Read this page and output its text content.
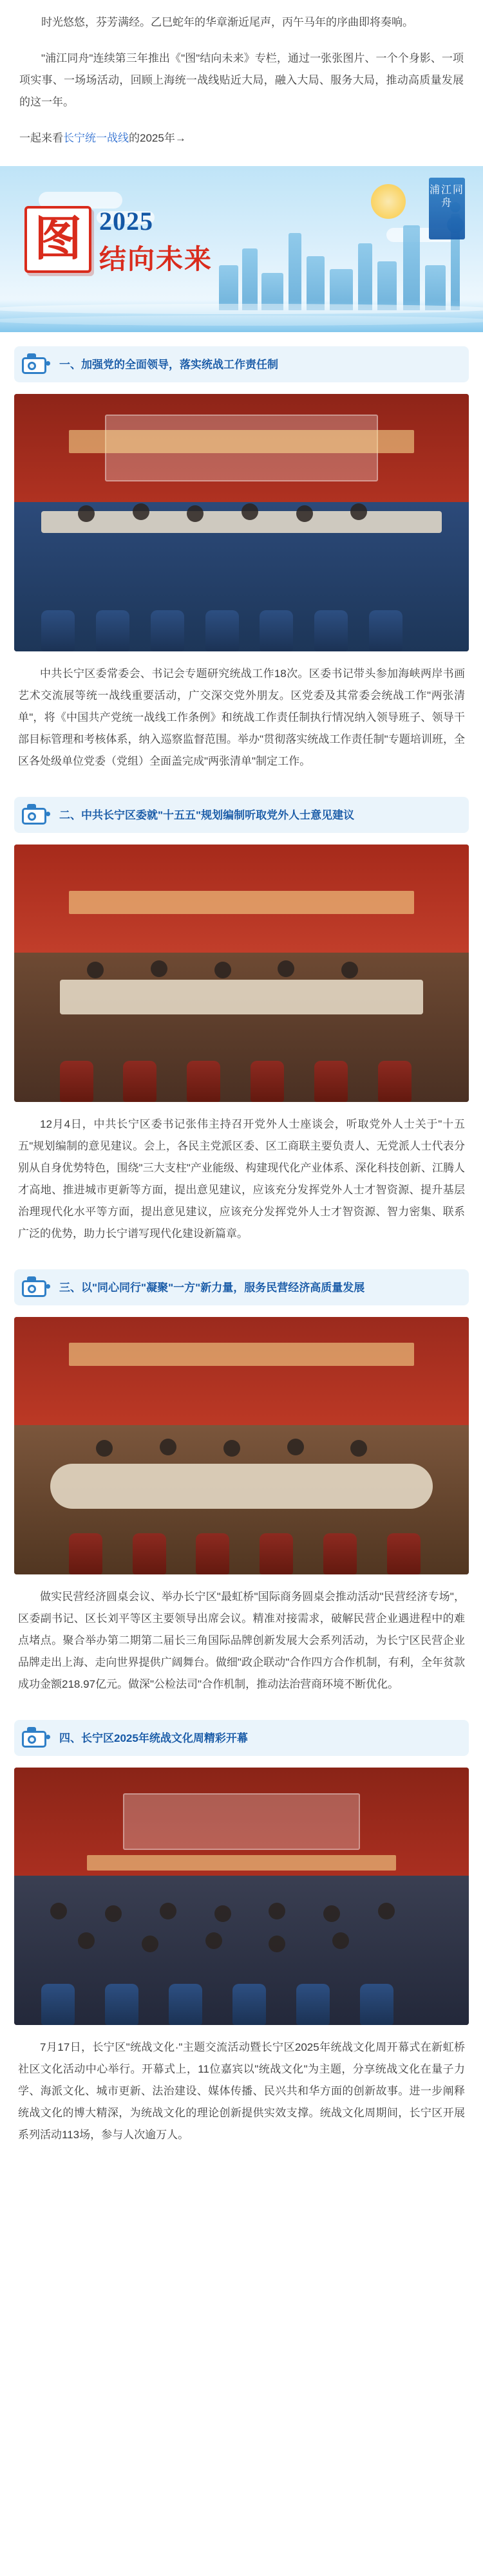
时光悠悠，芬芳满经。乙巳蛇年的华章渐近尾声，丙午马年的序曲即将奏响。

"浦江同舟"连续第三年推出《"图"结向未来》专栏，通过一张张图片、一个个身影、一项项实事、一场场活动，回顾上海统一战线贴近大局，融入大局、服务大局，推动高质量发展的这一年。

一起来看长宁统一战线的2025年→

图 2025
结向未来
浦江同舟
一、加强党的全面领导，落实统战工作责任制
中共长宁区委常委会、书记会专题研究统战工作18次。区委书记带头参加海峡两岸书画艺术交流展等统一战线重要活动，广交深交党外朋友。区党委及其常委会统战工作"两张清单"，将《中国共产党统一战线工作条例》和统战工作责任制执行情况纳入领导班子、领导干部目标管理和考核体系，纳入巡察监督范围。举办"贯彻落实统战工作责任制"专题培训班，全区各处级单位党委（党组）全面盖完成"两张清单"制定工作。
二、中共长宁区委就"十五五"规划编制听取党外人士意见建议
12月4日，中共长宁区委书记张伟主持召开党外人士座谈会，听取党外人士关于"十五五"规划编制的意见建议。会上，各民主党派区委、区工商联主要负责人、无党派人士代表分别从自身优势特色，围绕"三大支柱"产业能级、构建现代化产业体系、深化科技创新、江腾人才高地、推进城市更新等方面，提出意见建议，应该充分发挥党外人士才智资源、提升基层治理现代化水平等方面，提出意见建议，应该充分发挥党外人士才智资源、智力密集、联系广泛的优势，助力长宁谱写现代化建设新篇章。
三、以"同心同行"凝聚"一方"新力量，服务民营经济高质量发展
做实民营经济圆桌会议、举办长宁区"最虹桥"国际商务圆桌会推动活动"民营经济专场"，区委副书记、区长刘平等区主要领导出席会议。精准对接需求，破解民营企业遇进程中的难点堵点。聚合举办第二期第二届长三角国际品牌创新发展大会系列活动，为长宁区民营企业品牌走出上海、走向世界提供广阔舞台。做细"政企联动"合作四方合作机制，有利，全年贫款成功金额218.97亿元。做深"公检法司"合作机制，推动法治营商环境不断优化。
四、长宁区2025年统战文化周精彩开幕
7月17日，长宁区"统战文化·"主题交流活动暨长宁区2025年统战文化周开幕式在新虹桥社区文化活动中心举行。开幕式上，11位嘉宾以"统战文化"为主题，分享统战文化在量子力学、海派文化、城市更新、法治建设、媒体传播、民兴共和华方面的创新故事。进一步阐释统战文化的博大精深，为统战文化的理论创新提供实效支撑。统战文化周期间，长宁区开展系列活动113场，参与人次逾万人。
